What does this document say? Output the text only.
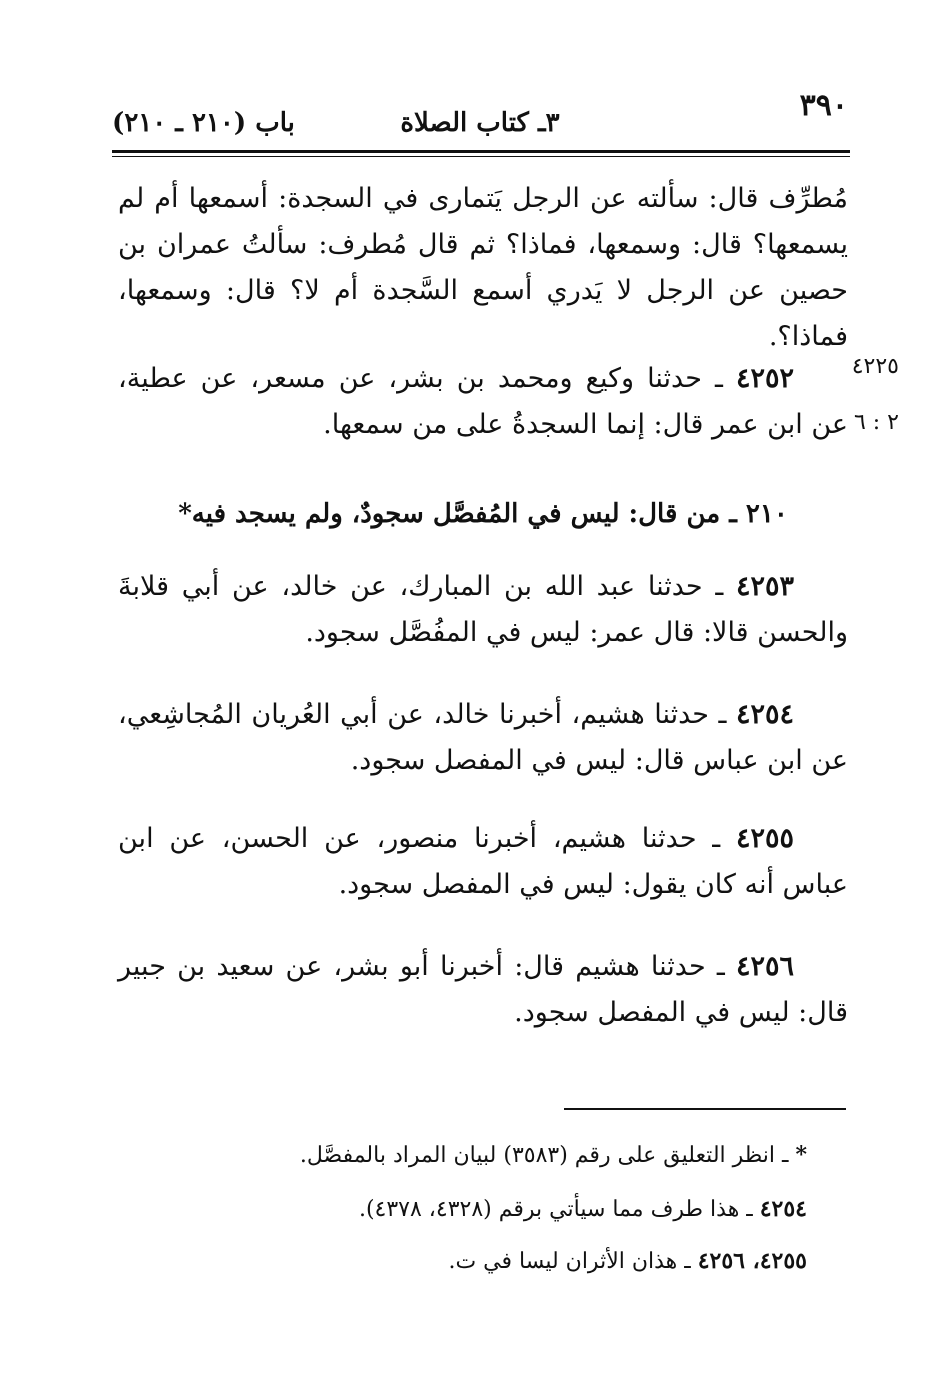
٣٩٠
٣ـ كتاب الصلاة
باب (٢١٠ ـ ٢١٠)

مُطرِّف قال: سألته عن الرجل يَتمارى في السجدة: أسمعها أم لم يسمعها؟ قال: وسمعها، فماذا؟ ثم قال مُطرف: سألتُ عمران بن حصين عن الرجل لا يَدري أسمع السَّجدة أم لا؟ قال: وسمعها، فماذا؟.

٤٢٢٥
٢ : ٦

  ٤٢٥٢ ـ حدثنا وكيع ومحمد بن بشر، عن مسعر، عن عطية، عن ابن عمر قال: إنما السجدةُ على من سمعها.

٢١٠ ـ من قال: ليس في المُفصَّل سجودٌ، ولم يسجد فيه*

  ٤٢٥٣ ـ حدثنا عبد الله بن المبارك، عن خالد، عن أبي قلابةَ والحسن قالا: قال عمر: ليس في المفُصَّل سجود.

  ٤٢٥٤ ـ حدثنا هشيم، أخبرنا خالد، عن أبي العُريان المُجاشِعي، عن ابن عباس قال: ليس في المفصل سجود.

  ٤٢٥٥ ـ حدثنا هشيم، أخبرنا منصور، عن الحسن، عن ابن عباس أنه كان يقول: ليس في المفصل سجود.

  ٤٢٥٦ ـ حدثنا هشيم قال: أخبرنا أبو بشر، عن سعيد بن جبير قال: ليس في المفصل سجود.

* ـ انظر التعليق على رقم (٣٥٨٣) لبيان المراد بالمفصَّل.

٤٢٥٤ ـ هذا طرف مما سيأتي برقم (٤٣٢٨، ٤٣٧٨).

٤٢٥٥، ٤٢٥٦ ـ هذان الأثران ليسا في ت.
